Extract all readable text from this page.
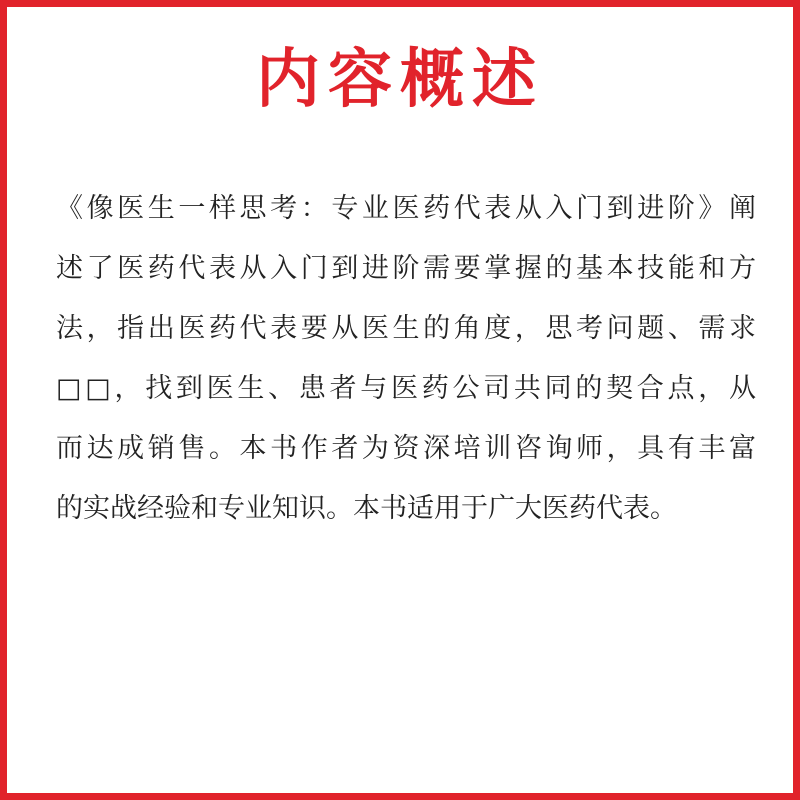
内容概述
《像医生一样思考：专业医药代表从入门到进阶》阐
述了医药代表从入门到进阶需要掌握的基本技能和方
法，指出医药代表要从医生的角度，思考问题、需求
□□，找到医生、患者与医药公司共同的契合点，从
而达成销售。本书作者为资深培训咨询师，具有丰富
的实战经验和专业知识。本书适用于广大医药代表。
